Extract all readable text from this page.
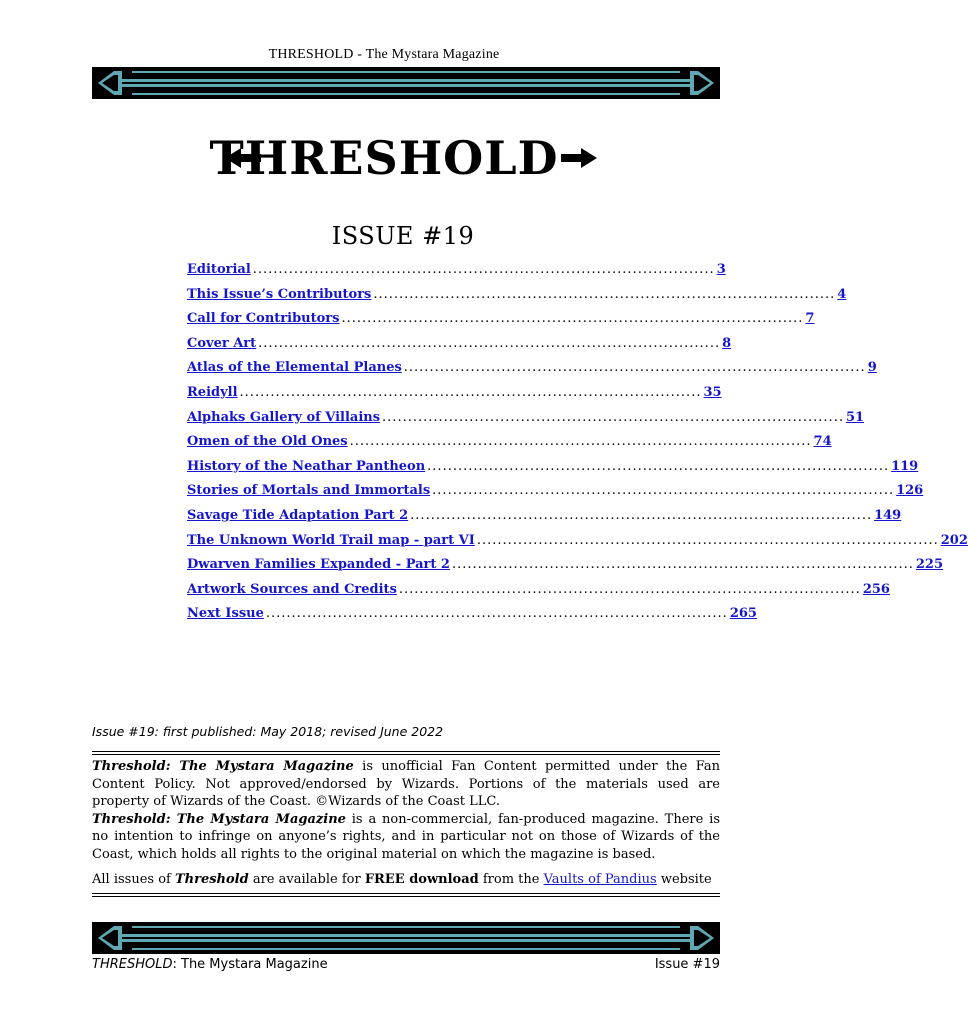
THRESHOLD - The Mystara Magazine
THRESHOLD
ISSUE #19
Editorial .......................................................................................... 3
This Issue’s Contributors .......................................................................................... 4
Call for Contributors .......................................................................................... 7
Cover Art .......................................................................................... 8
Atlas of the Elemental Planes .......................................................................................... 9
Reidyll .......................................................................................... 35
Alphaks Gallery of Villains .......................................................................................... 51
Omen of the Old Ones .......................................................................................... 74
History of the Neathar Pantheon .......................................................................................... 119
Stories of Mortals and Immortals .......................................................................................... 126
Savage Tide Adaptation Part 2 .......................................................................................... 149
The Unknown World Trail map - part VI .......................................................................................... 202
Dwarven Families Expanded - Part 2 .......................................................................................... 225
Artwork Sources and Credits .......................................................................................... 256
Next Issue .......................................................................................... 265
Issue #19: first published: May 2018; revised June 2022

Threshold: The Mystara Magazine is unofficial Fan Content permitted under the Fan Content Policy. Not approved/endorsed by Wizards. Portions of the materials used are property of Wizards of the Coast. ©Wizards of the Coast LLC.

Threshold: The Mystara Magazine is a non-commercial, fan-produced magazine. There is no intention to infringe on anyone’s rights, and in particular not on those of Wizards of the Coast, which holds all rights to the original material on which the magazine is based.

All issues of Threshold are available for FREE download from the Vaults of Pandius website
THRESHOLD: The Mystara Magazine	Issue #19
